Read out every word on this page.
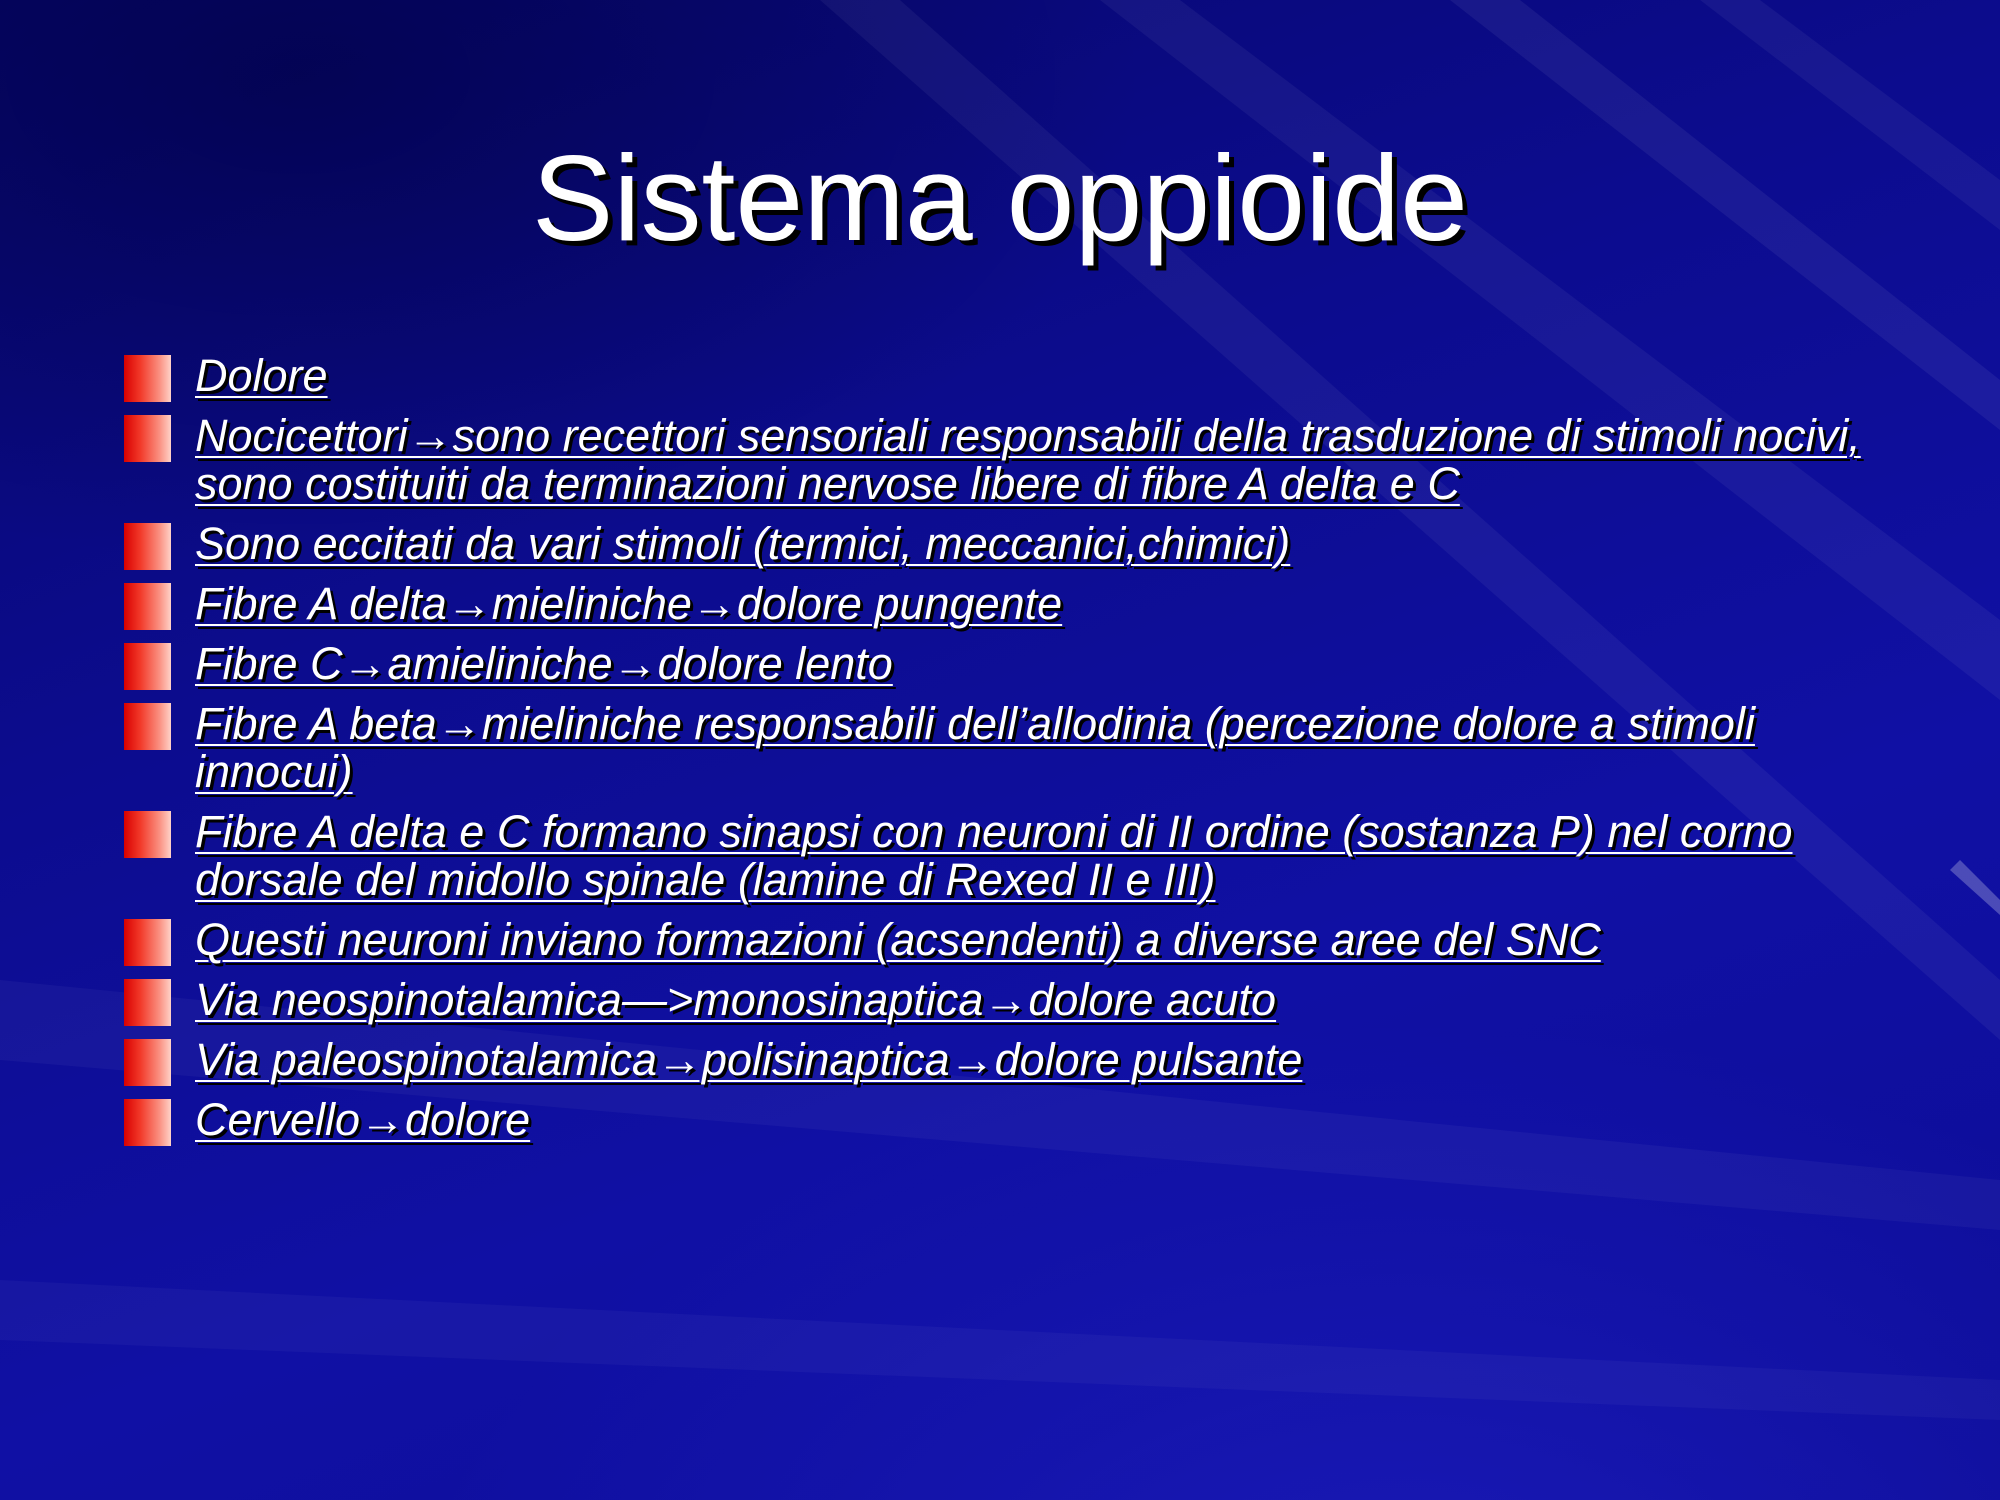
Sistema oppioide
Dolore
Nocicettori→sono recettori sensoriali responsabili della trasduzione di stimoli nocivi, sono costituiti da terminazioni nervose libere di fibre A delta e C
Sono eccitati da vari stimoli (termici, meccanici,chimici)
Fibre A delta→mieliniche→dolore pungente
Fibre C→amieliniche→dolore lento
Fibre A beta→mieliniche responsabili dell’allodinia (percezione dolore a stimoli innocui)
Fibre A delta e C formano sinapsi con neuroni di II ordine (sostanza P) nel corno dorsale del midollo spinale (lamine di Rexed II e III)
Questi neuroni inviano formazioni (acsendenti) a diverse aree del SNC
Via neospinotalamica—>monosinaptica→dolore acuto
Via paleospinotalamica→polisinaptica→dolore pulsante
Cervello→dolore
